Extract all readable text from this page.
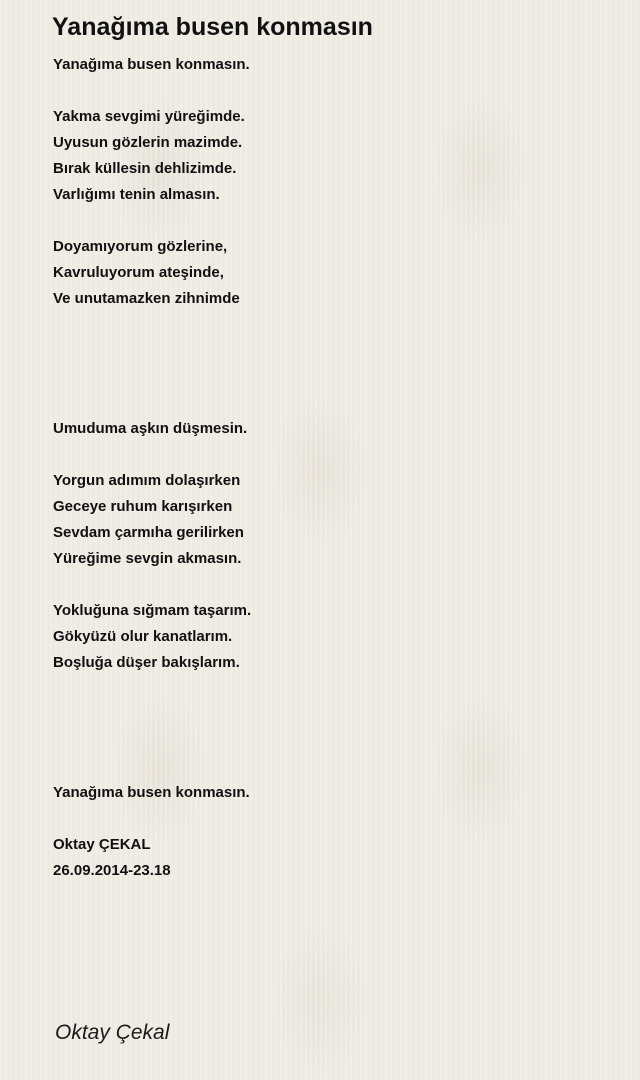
Yanağıma busen konmasın
Yanağıma busen konmasın.
Yakma sevgimi yüreğimde.
Uyusun gözlerin mazimde.
Bırak küllesin dehlizimde.
Varlığımı tenin almasın.
Doyamıyorum gözlerine,
Kavruluyorum ateşinde,
Ve unutamazken zihnimde
Umuduma aşkın düşmesin.
Yorgun adımım dolaşırken
Geceye ruhum karışırken
Sevdam çarmıha gerilirken
Yüreğime sevgin akmasın.
Yokluğuna sığmam taşarım.
Gökyüzü olur kanatlarım.
Boşluğa düşer bakışlarım.
Yanağıma busen konmasın.
Oktay ÇEKAL
26.09.2014-23.18
Oktay Çekal
